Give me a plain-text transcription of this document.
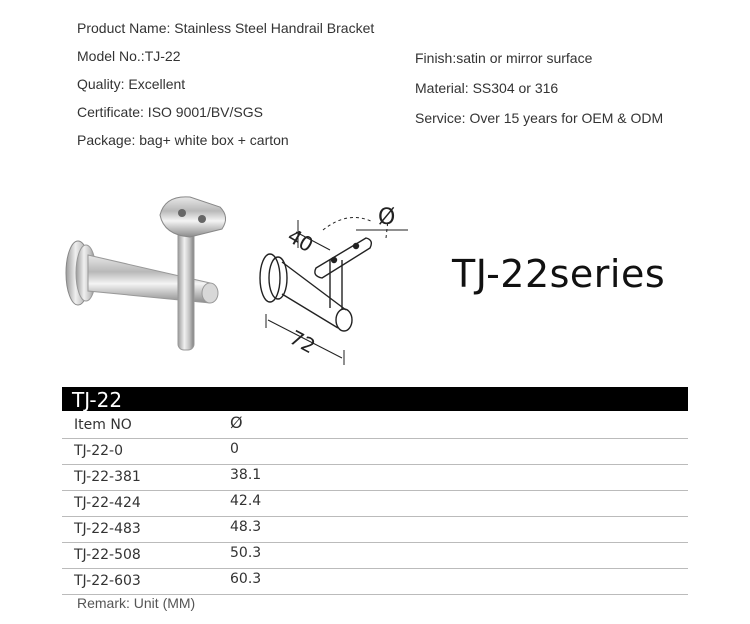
Product Name: Stainless Steel Handrail Bracket
Model No.:TJ-22
Quality: Excellent
Certificate: ISO 9001/BV/SGS
Package: bag+ white box + carton
Finish:satin or mirror surface
Material: SS304 or 316
Service: Over 15 years for OEM & ODM
40
72
Ø
TJ-22series
TJ-22
Item NO	Ø
TJ-22-0	0
TJ-22-381	38.1
TJ-22-424	42.4
TJ-22-483	48.3
TJ-22-508	50.3
TJ-22-603	60.3
Remark: Unit (MM)
